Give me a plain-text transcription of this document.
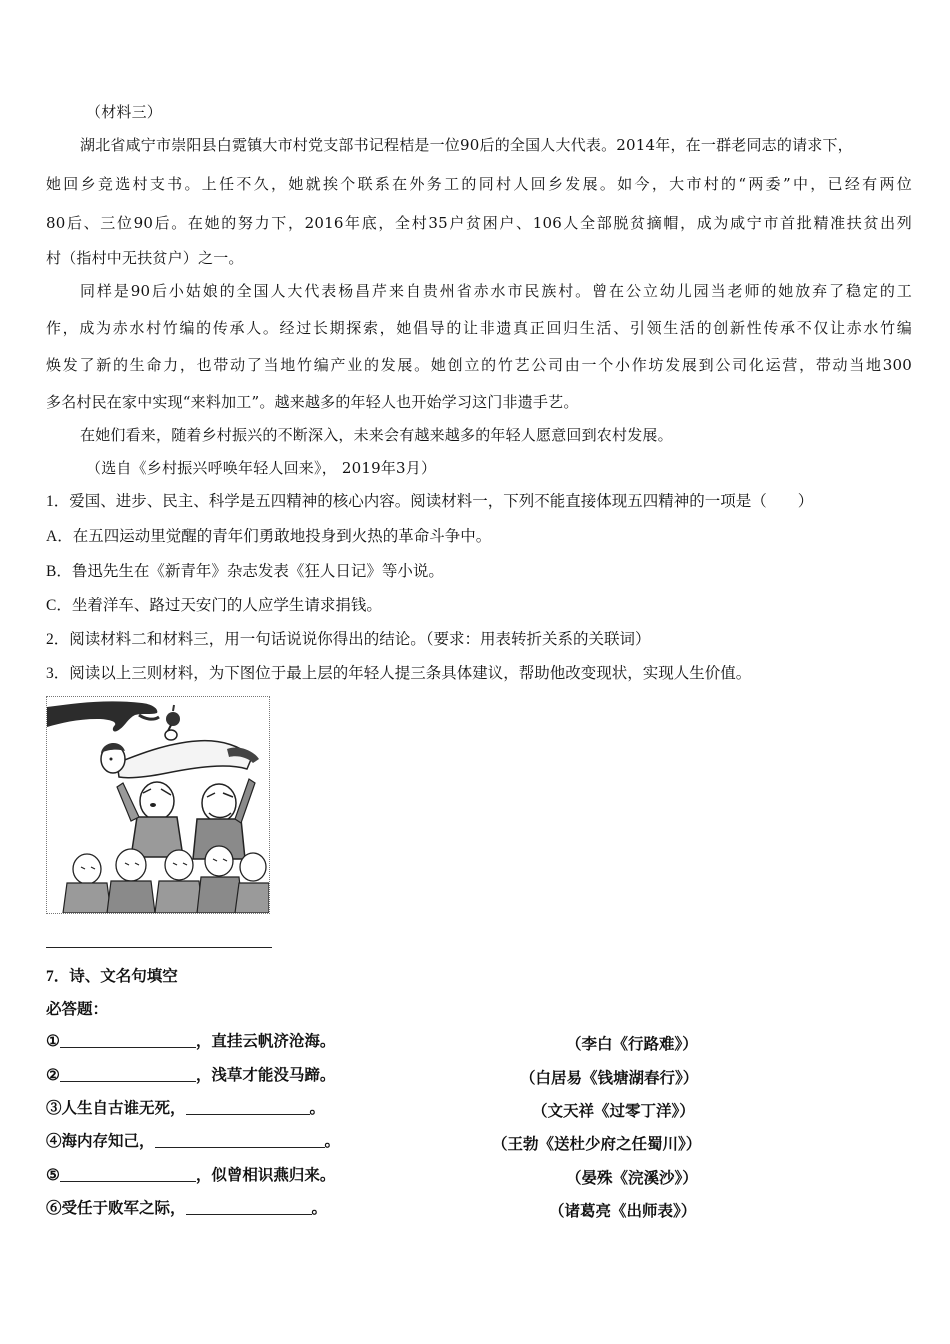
（材料三）
湖北省咸宁市崇阳县白霓镇大市村党支部书记程桔是一位90后的全国人大代表。2014年，在一群老同志的请求下，
她回乡竞选村支书。上任不久，她就挨个联系在外务工的同村人回乡发展。如今，大市村的“两委”中，已经有两位
80后、三位90后。在她的努力下，2016年底，全村35户贫困户、106人全部脱贫摘帽，成为咸宁市首批精准扶贫出列
村（指村中无扶贫户）之一。
同样是90后小姑娘的全国人大代表杨昌芹来自贵州省赤水市民族村。曾在公立幼儿园当老师的她放弃了稳定的工
作，成为赤水村竹编的传承人。经过长期探索，她倡导的让非遗真正回归生活、引领生活的创新性传承不仅让赤水竹编
焕发了新的生命力，也带动了当地竹编产业的发展。她创立的竹艺公司由一个小作坊发展到公司化运营，带动当地300
多名村民在家中实现“来料加工”。越来越多的年轻人也开始学习这门非遗手艺。
在她们看来，随着乡村振兴的不断深入，未来会有越来越多的年轻人愿意回到农村发展。
（选自《乡村振兴呼唤年轻人回来》， 2019年3月）
1．爱国、进步、民主、科学是五四精神的核心内容。阅读材料一，下列不能直接体现五四精神的一项是（　　）
A．在五四运动里觉醒的青年们勇敢地投身到火热的革命斗争中。
B．鲁迅先生在《新青年》杂志发表《狂人日记》等小说。
C．坐着洋车、路过天安门的人应学生请求捐钱。
2．阅读材料二和材料三，用一句话说说你得出的结论。（要求：用表转折关系的关联词）
3．阅读以上三则材料，为下图位于最上层的年轻人提三条具体建议，帮助他改变现状，实现人生价值。
7．诗、文名句填空
必答题：
①	，直挂云帆济沧海。	（李白《行路难》）
②	，浅草才能没马蹄。	（白居易《钱塘湖春行》）
③人生自古谁无死，	。	（文天祥《过零丁洋》）
④海内存知己，	。	（王勃《送杜少府之任蜀川》）
⑤	，似曾相识燕归来。	（晏殊《浣溪沙》）
⑥受任于败军之际，	。	（诸葛亮《出师表》）
